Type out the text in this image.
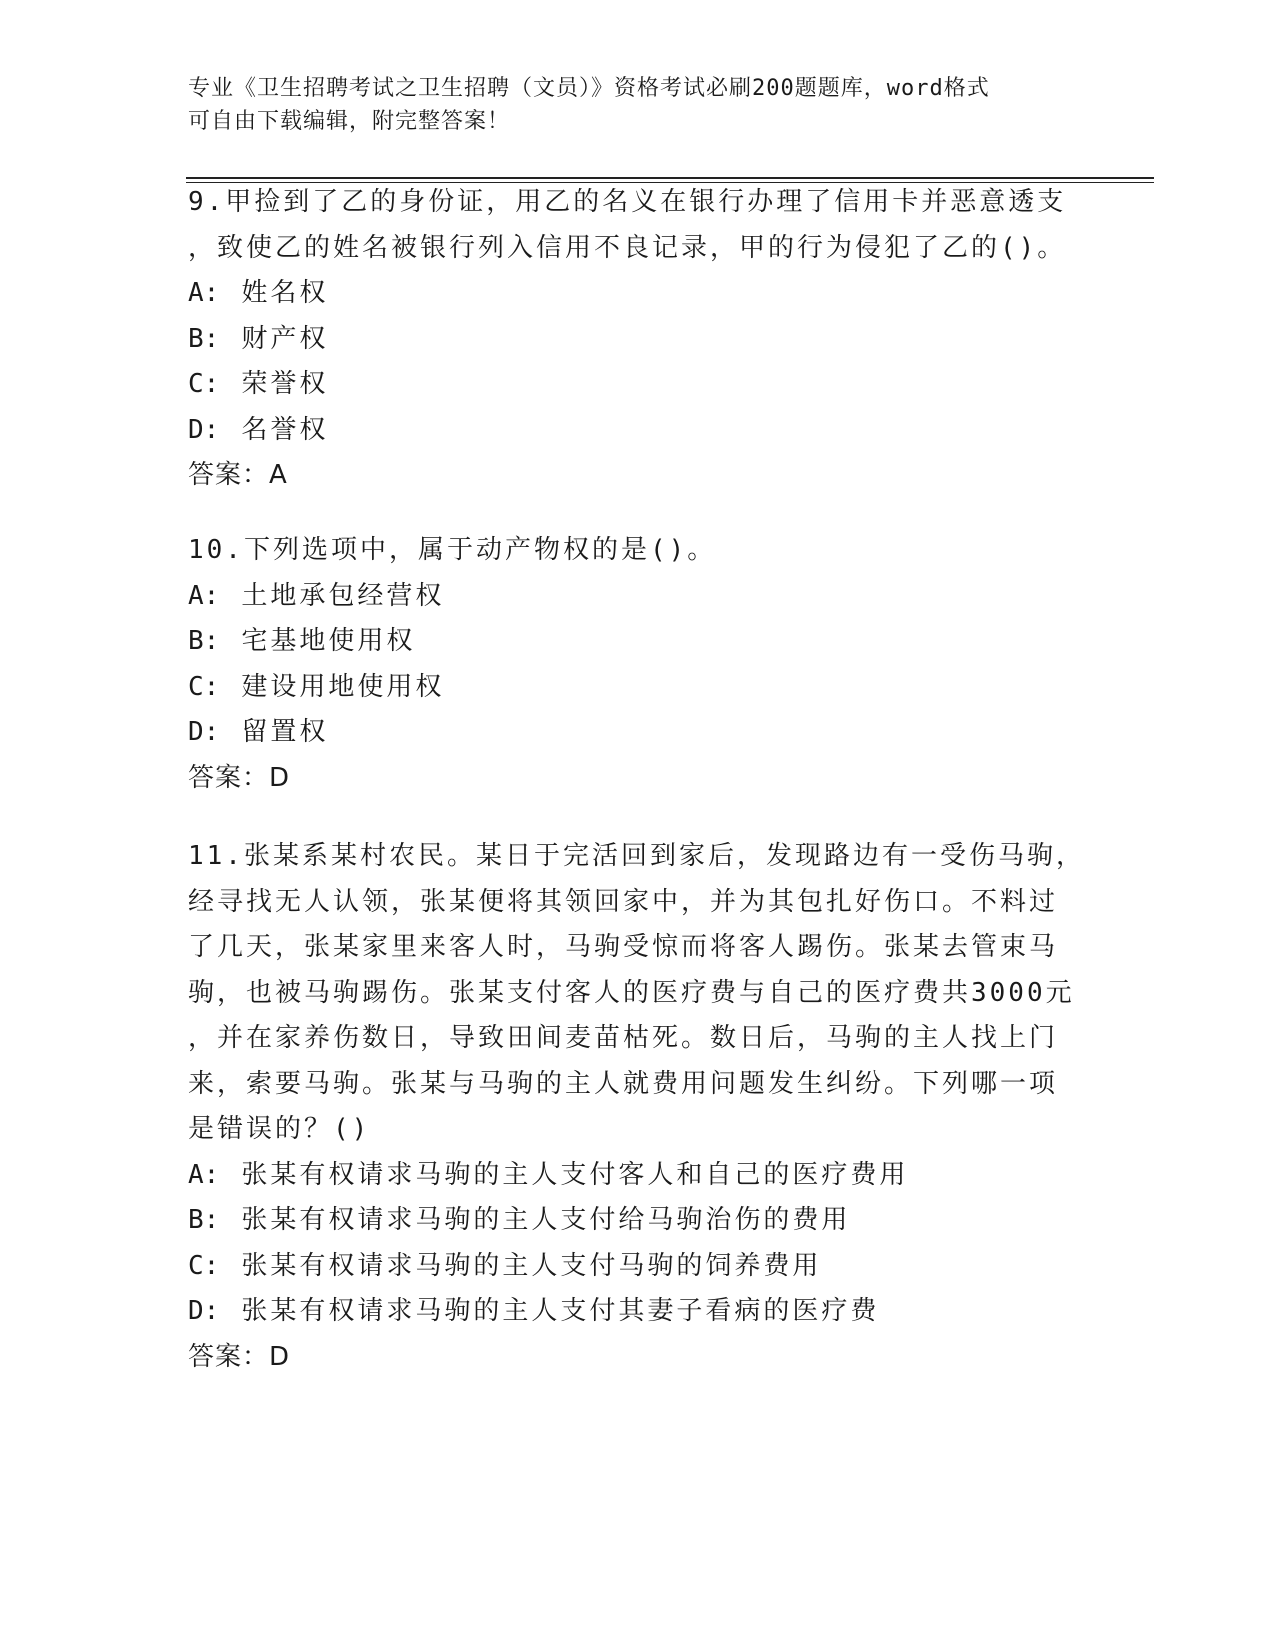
专业《卫生招聘考试之卫生招聘（文员）》资格考试必刷200题题库，word格式
可自由下载编辑，附完整答案！
9.甲捡到了乙的身份证，用乙的名义在银行办理了信用卡并恶意透支
，致使乙的姓名被银行列入信用不良记录，甲的行为侵犯了乙的()。
A: 姓名权
B: 财产权
C: 荣誉权
D: 名誉权
答案：A
10.下列选项中，属于动产物权的是()。
A: 土地承包经营权
B: 宅基地使用权
C: 建设用地使用权
D: 留置权
答案：D
11.张某系某村农民。某日于完活回到家后，发现路边有一受伤马驹，
经寻找无人认领，张某便将其领回家中，并为其包扎好伤口。不料过
了几天，张某家里来客人时，马驹受惊而将客人踢伤。张某去管束马
驹，也被马驹踢伤。张某支付客人的医疗费与自己的医疗费共3000元
，并在家养伤数日，导致田间麦苗枯死。数日后，马驹的主人找上门
来，索要马驹。张某与马驹的主人就费用问题发生纠纷。下列哪一项
是错误的？()
A: 张某有权请求马驹的主人支付客人和自己的医疗费用
B: 张某有权请求马驹的主人支付给马驹治伤的费用
C: 张某有权请求马驹的主人支付马驹的饲养费用
D: 张某有权请求马驹的主人支付其妻子看病的医疗费
答案：D
